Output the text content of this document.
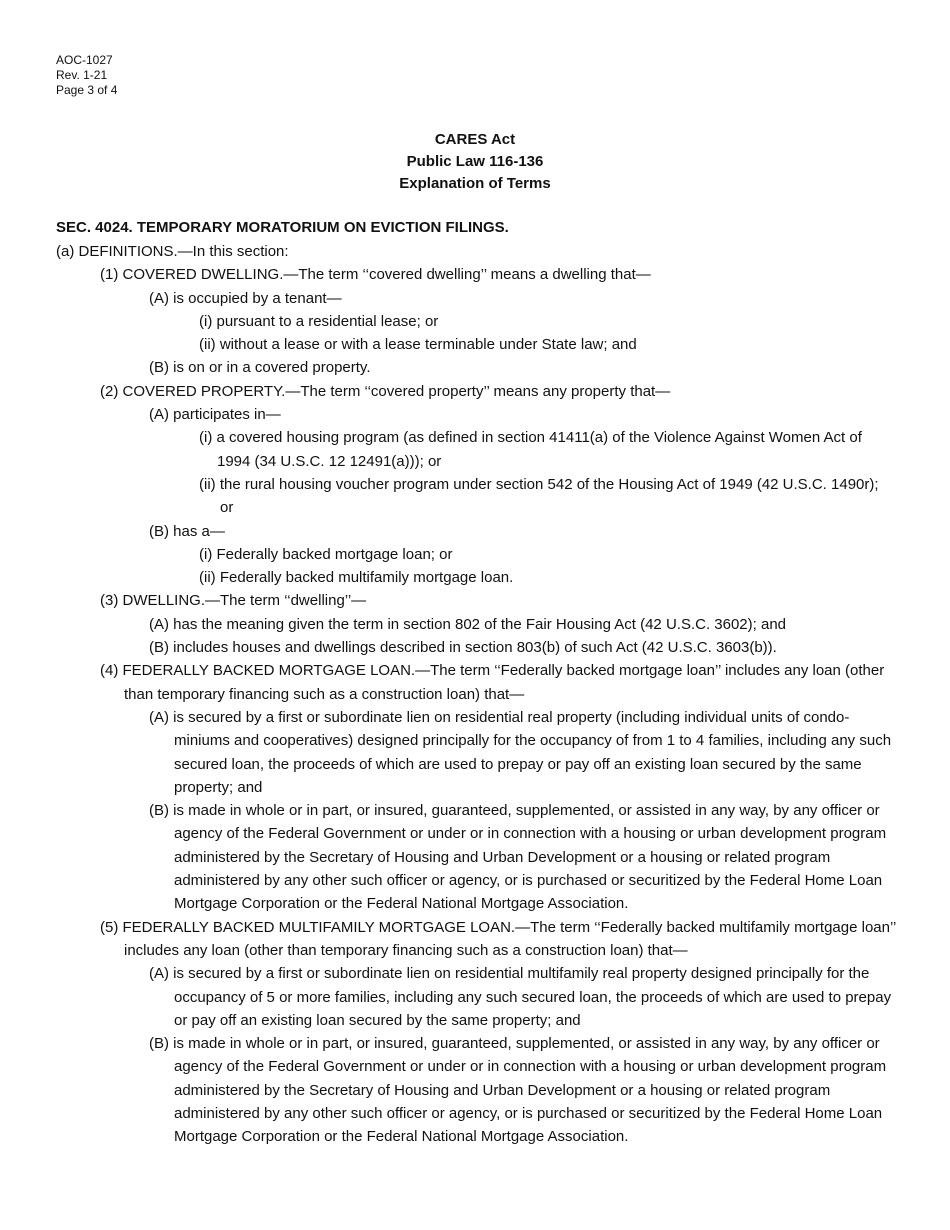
AOC-1027
Rev. 1-21
Page 3 of 4
CARES Act
Public Law 116-136
Explanation of Terms
SEC. 4024. TEMPORARY MORATORIUM ON EVICTION FILINGS.

(a) DEFINITIONS.—In this section:

(1) COVERED DWELLING.—The term ‘‘covered dwelling’’ means a dwelling that—

(A) is occupied by a tenant—

(i) pursuant to a residential lease; or

(ii) without a lease or with a lease terminable under State law; and

(B) is on or in a covered property.

(2) COVERED PROPERTY.—The term ‘‘covered property’’ means any property that—

(A) participates in—

(i) a covered housing program (as defined in section 41411(a) of the Violence Against Women Act of 1994 (34 U.S.C. 12 12491(a))); or

(ii) the rural housing voucher program under section 542 of the Housing Act of 1949 (42 U.S.C. 1490r); or

(B) has a—

(i) Federally backed mortgage loan; or

(ii) Federally backed multifamily mortgage loan.

(3) DWELLING.—The term ‘‘dwelling’’—

(A) has the meaning given the term in section 802 of the Fair Housing Act (42 U.S.C. 3602); and

(B) includes houses and dwellings described in section 803(b) of such Act (42 U.S.C. 3603(b)).

(4) FEDERALLY BACKED MORTGAGE LOAN.—The term ‘‘Federally backed mortgage loan’’ includes any loan (other than temporary financing such as a construction loan) that—

(A) is secured by a first or subordinate lien on residential real property (including individual units of condominiums and cooperatives) designed principally for the occupancy of from 1 to 4 families, including any such secured loan, the proceeds of which are used to prepay or pay off an existing loan secured by the same property; and

(B) is made in whole or in part, or insured, guaranteed, supplemented, or assisted in any way, by any officer or agency of the Federal Government or under or in connection with a housing or urban development program administered by the Secretary of Housing and Urban Development or a housing or related program administered by any other such officer or agency, or is purchased or securitized by the Federal Home Loan Mortgage Corporation or the Federal National Mortgage Association.

(5) FEDERALLY BACKED MULTIFAMILY MORTGAGE LOAN.—The term ‘‘Federally backed multifamily mortgage loan’’ includes any loan (other than temporary financing such as a construction loan) that—

(A) is secured by a first or subordinate lien on residential multifamily real property designed principally for the occupancy of 5 or more families, including any such secured loan, the proceeds of which are used to prepay or pay off an existing loan secured by the same property; and

(B) is made in whole or in part, or insured, guaranteed, supplemented, or assisted in any way, by any officer or agency of the Federal Government or under or in connection with a housing or urban development program administered by the Secretary of Housing and Urban Development or a housing or related program administered by any other such officer or agency, or is purchased or securitized by the Federal Home Loan Mortgage Corporation or the Federal National Mortgage Association.
